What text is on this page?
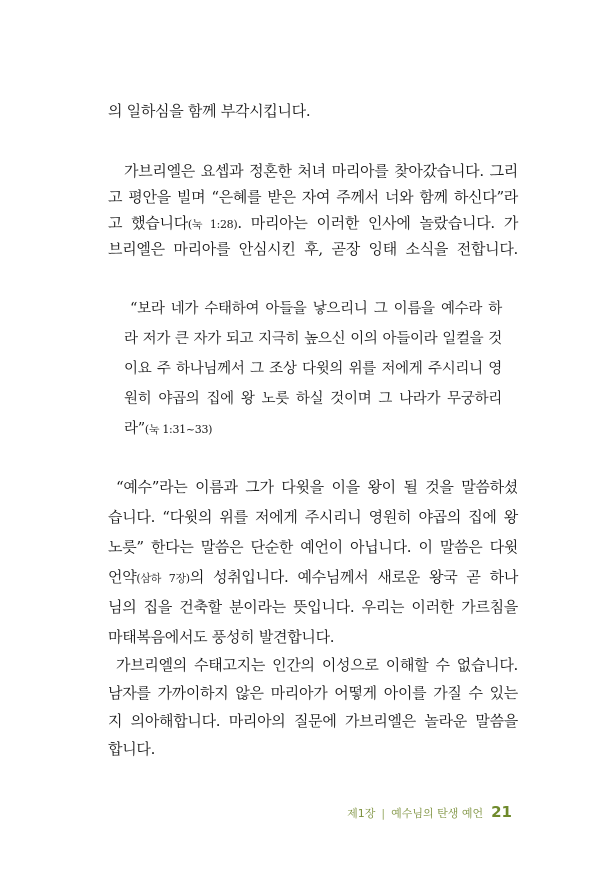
의 일하심을 함께 부각시킵니다.
가브리엘은 요셉과 정혼한 처녀 마리아를 찾아갔습니다. 그리
고 평안을 빌며 “은혜를 받은 자여 주께서 너와 함께 하신다”라
고 했습니다(눅 1:28). 마리아는 이러한 인사에 놀랐습니다. 가
브리엘은 마리아를 안심시킨 후, 곧장 잉태 소식을 전합니다.
“보라 네가 수태하여 아들을 낳으리니 그 이름을 예수라 하
라 저가 큰 자가 되고 지극히 높으신 이의 아들이라 일컬을 것
이요 주 하나님께서 그 조상 다윗의 위를 저에게 주시리니 영
원히 야곱의 집에 왕 노릇 하실 것이며 그 나라가 무궁하리
라”(눅 1:31~33)
“예수”라는 이름과 그가 다윗을 이을 왕이 될 것을 말씀하셨
습니다. “다윗의 위를 저에게 주시리니 영원히 야곱의 집에 왕
노릇” 한다는 말씀은 단순한 예언이 아닙니다. 이 말씀은 다윗
언약(삼하 7장)의 성취입니다. 예수님께서 새로운 왕국 곧 하나
님의 집을 건축할 분이라는 뜻입니다. 우리는 이러한 가르침을
마태복음에서도 풍성히 발견합니다.
가브리엘의 수태고지는 인간의 이성으로 이해할 수 없습니다.
남자를 가까이하지 않은 마리아가 어떻게 아이를 가질 수 있는
지 의아해합니다. 마리아의 질문에 가브리엘은 놀라운 말씀을
합니다.
제1장 | 예수님의 탄생 예언 21
